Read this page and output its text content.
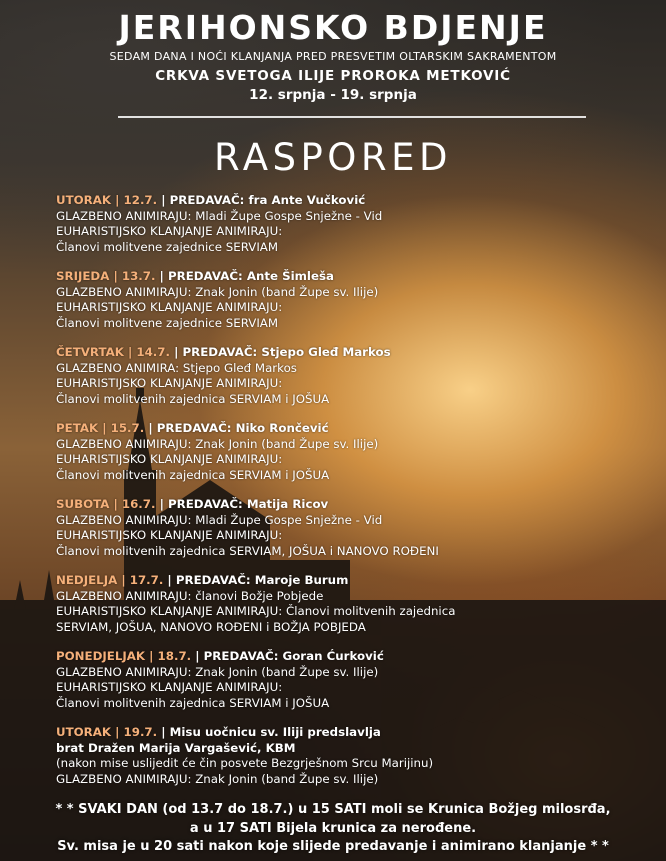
JERIHONSKO BDJENJE
SEDAM DANA I NOĆI KLANJANJA PRED PRESVETIM OLTARSKIM SAKRAMENTOM
CRKVA SVETOGA ILIJE PROROKA METKOVIĆ
12. srpnja - 19. srpnja
RASPORED
UTORAK | 12.7. | PREDAVAČ: fra Ante Vučković
GLAZBENO ANIMIRAJU: Mladi Župe Gospe Snježne - Vid
EUHARISTIJSKO KLANJANJE ANIMIRAJU:
Članovi molitvene zajednice SERVIAM
SRIJEDA | 13.7. | PREDAVAČ: Ante Šimleša
GLAZBENO ANIMIRAJU: Znak Jonin (band Župe sv. Ilije)
EUHARISTIJSKO KLANJANJE ANIMIRAJU:
Članovi molitvene zajednice SERVIAM
ČETVRTAK | 14.7. | PREDAVAČ: Stjepo Gleđ Markos
GLAZBENO ANIMIRA: Stjepo Gleđ Markos
EUHARISTIJSKO KLANJANJE ANIMIRAJU:
Članovi molitvenih zajednica SERVIAM i JOŠUA
PETAK | 15.7. | PREDAVAČ: Niko Rončević
GLAZBENO ANIMIRAJU: Znak Jonin (band Župe sv. Ilije)
EUHARISTIJSKO KLANJANJE ANIMIRAJU:
Članovi molitvenih zajednica SERVIAM i JOŠUA
SUBOTA | 16.7. | PREDAVAČ: Matija Ricov
GLAZBENO ANIMIRAJU: Mladi Župe Gospe Snježne - Vid
EUHARISTIJSKO KLANJANJE ANIMIRAJU:
Članovi molitvenih zajednica SERVIAM, JOŠUA i NANOVO ROĐENI
NEDJELJA | 17.7. | PREDAVAČ: Maroje Burum
GLAZBENO ANIMIRAJU: članovi Božje Pobjede
EUHARISTIJSKO KLANJANJE ANIMIRAJU: Članovi molitvenih zajednica
SERVIAM, JOŠUA, NANOVO ROĐENI i BOŽJA POBJEDA
PONEDJELJAK | 18.7. | PREDAVAČ: Goran Ćurković
GLAZBENO ANIMIRAJU: Znak Jonin (band Župe sv. Ilije)
EUHARISTIJSKO KLANJANJE ANIMIRAJU:
Članovi molitvenih zajednica SERVIAM i JOŠUA
UTORAK | 19.7. | Misu uočnicu sv. Iliji predslavlja
brat Dražen Marija Vargašević, KBM
(nakon mise uslijedit će čin posvete Bezgrješnom Srcu Marijinu)
GLAZBENO ANIMIRAJU: Znak Jonin (band Župe sv. Ilije)
* * SVAKI DAN (od 13.7 do 18.7.) u 15 SATI moli se Krunica Božjeg milosrđa,
a u 17 SATI Bijela krunica za nerođene.
Sv. misa je u 20 sati nakon koje slijede predavanje i animirano klanjanje * *
